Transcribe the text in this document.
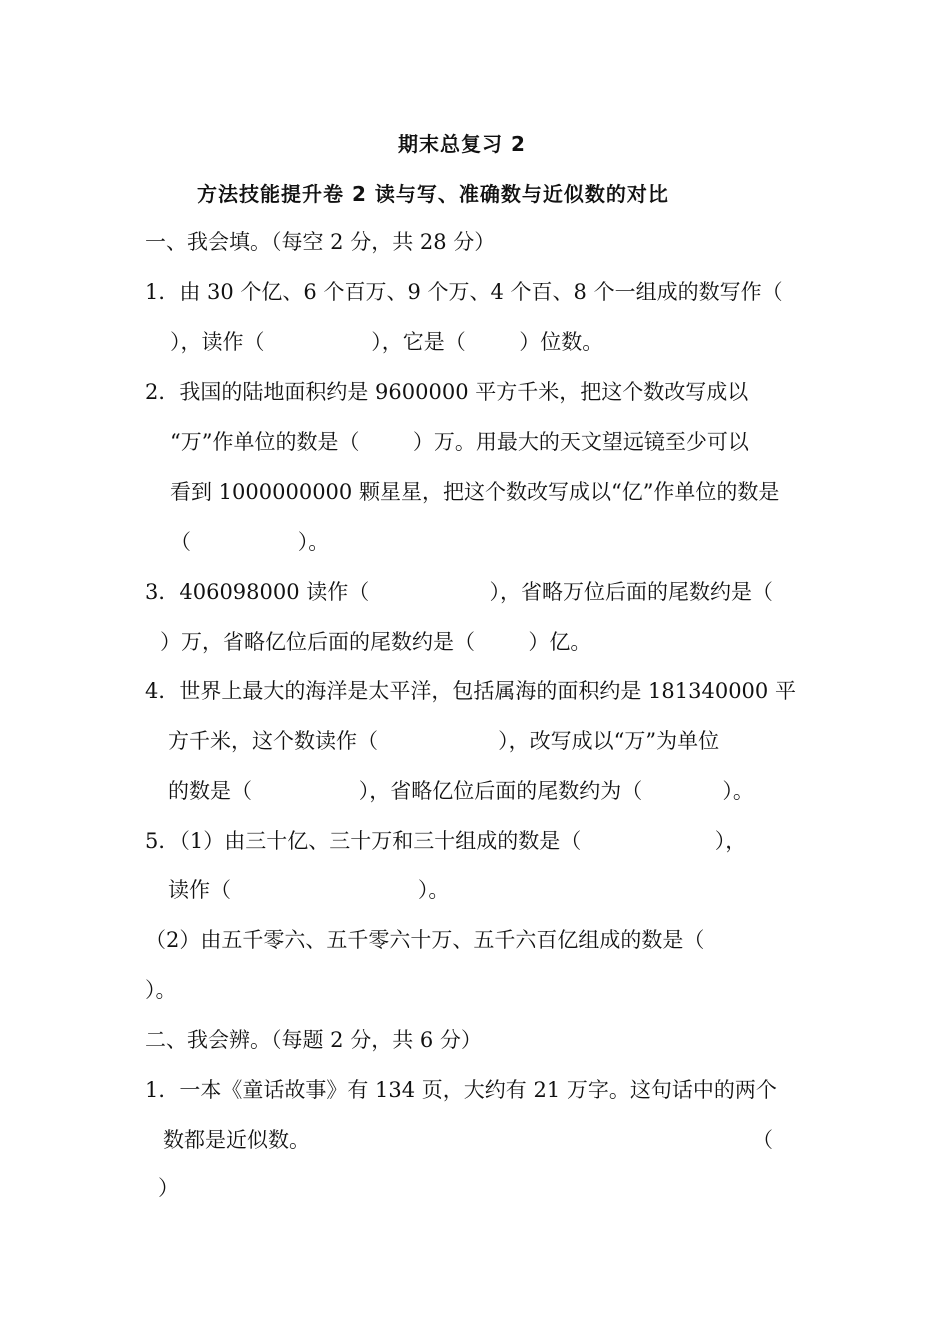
期末总复习 2
方法技能提升卷 2 读与写、准确数与近似数的对比
一、我会填。（每空 2 分，共 28 分）
1．由 30 个亿、6 个百万、9 个万、4 个百、8 个一组成的数写作（
），读作（                ），它是（        ）位数。
2．我国的陆地面积约是 9600000 平方千米，把这个数改写成以
“万”作单位的数是（        ）万。用最大的天文望远镜至少可以
看到 1000000000 颗星星，把这个数改写成以“亿”作单位的数是
（                ）。
3．406098000 读作（                  ），省略万位后面的尾数约是（
）万，省略亿位后面的尾数约是（        ）亿。
4．世界上最大的海洋是太平洋，包括属海的面积约是 181340000 平
方千米，这个数读作（                  ），改写成以“万”为单位
的数是（                ），省略亿位后面的尾数约为（            ）。
5．（1）由三十亿、三十万和三十组成的数是（                    ），
读作（                            ）。
（2）由五千零六、五千零六十万、五千六百亿组成的数是（
）。
二、我会辨。（每题 2 分，共 6 分）
1．一本《童话故事》有 134 页，大约有 21 万字。这句话中的两个
数都是近似数。	（
）
